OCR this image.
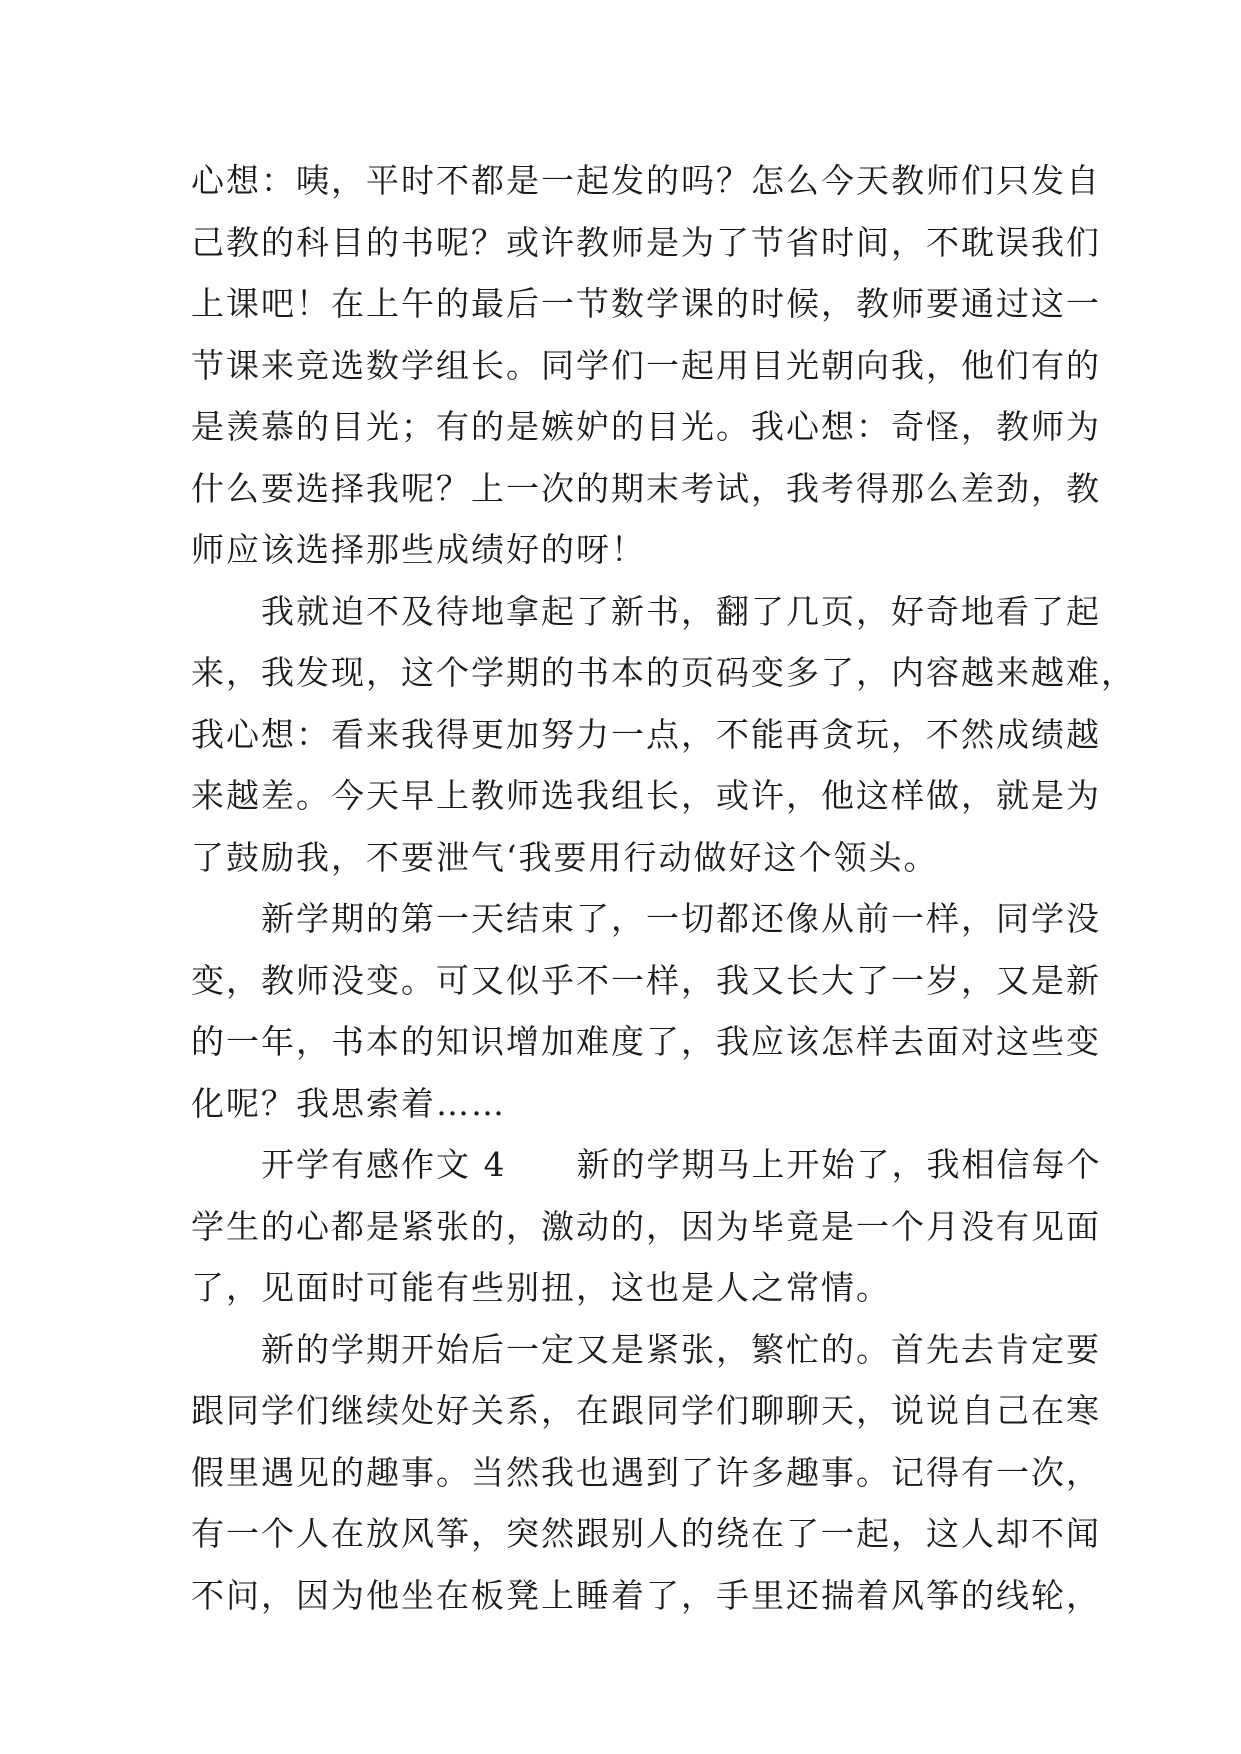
心想：咦，平时不都是一起发的吗？怎么今天教师们只发自
己教的科目的书呢？或许教师是为了节省时间，不耽误我们
上课吧！在上午的最后一节数学课的时候，教师要通过这一
节课来竞选数学组长。同学们一起用目光朝向我，他们有的
是羡慕的目光；有的是嫉妒的目光。我心想：奇怪，教师为
什么要选择我呢？上一次的期末考试，我考得那么差劲，教
师应该选择那些成绩好的呀！
　　我就迫不及待地拿起了新书，翻了几页，好奇地看了起
来，我发现，这个学期的书本的页码变多了，内容越来越难，
我心想：看来我得更加努力一点，不能再贪玩，不然成绩越
来越差。今天早上教师选我组长，或许，他这样做，就是为
了鼓励我，不要泄气‘我要用行动做好这个领头。
　　新学期的第一天结束了，一切都还像从前一样，同学没
变，教师没变。可又似乎不一样，我又长大了一岁，又是新
的一年，书本的知识增加难度了，我应该怎样去面对这些变
化呢？我思索着……
　　开学有感作文 4　　新的学期马上开始了，我相信每个
学生的心都是紧张的，激动的，因为毕竟是一个月没有见面
了，见面时可能有些别扭，这也是人之常情。
　　新的学期开始后一定又是紧张，繁忙的。首先去肯定要
跟同学们继续处好关系，在跟同学们聊聊天，说说自己在寒
假里遇见的趣事。当然我也遇到了许多趣事。记得有一次，
有一个人在放风筝，突然跟别人的绕在了一起，这人却不闻
不问，因为他坐在板凳上睡着了，手里还揣着风筝的线轮，
